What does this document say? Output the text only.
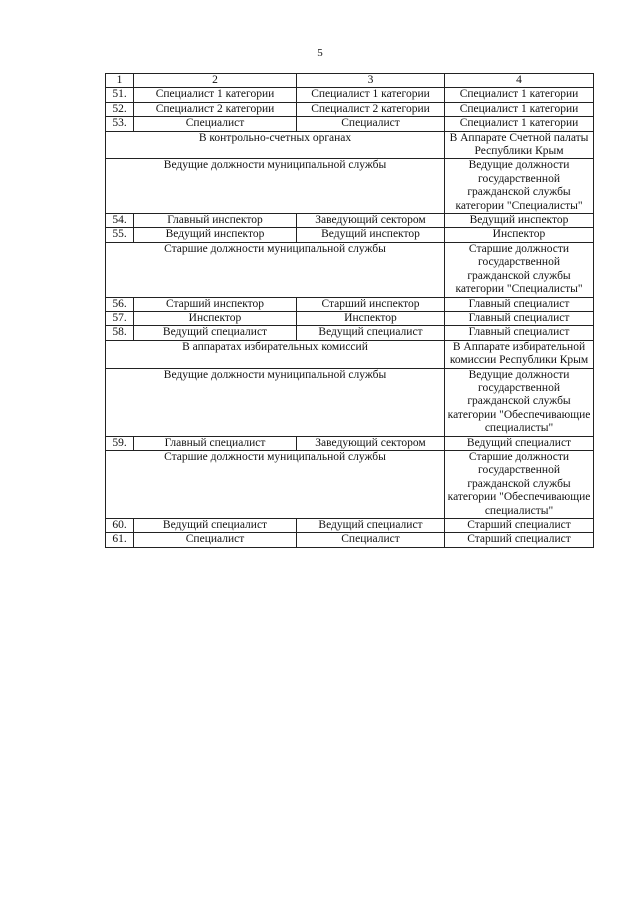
5
1	2	3	4
51.	Специалист 1 категории	Специалист 1 категории	Специалист 1 категории
52.	Специалист 2 категории	Специалист 2 категории	Специалист 1 категории
53.	Специалист	Специалист	Специалист 1 категории
В контрольно-счетных органах			В Аппарате Счетной палаты Республики Крым
Ведущие должности муниципальной службы			Ведущие должности государственной гражданской службы категории "Специалисты"
54.	Главный инспектор	Заведующий сектором	Ведущий инспектор
55.	Ведущий инспектор	Ведущий инспектор	Инспектор
Старшие должности муниципальной службы			Старшие должности государственной гражданской службы категории "Специалисты"
56.	Старший инспектор	Старший инспектор	Главный специалист
57.	Инспектор	Инспектор	Главный специалист
58.	Ведущий специалист	Ведущий специалист	Главный специалист
В аппаратах избирательных комиссий			В Аппарате избирательной комиссии Республики Крым
Ведущие должности муниципальной службы			Ведущие должности государственной гражданской службы категории "Обеспечивающие специалисты"
59.	Главный специалист	Заведующий сектором	Ведущий специалист
Старшие должности муниципальной службы			Старшие должности государственной гражданской службы категории "Обеспечивающие специалисты"
60.	Ведущий специалист	Ведущий специалист	Старший специалист
61.	Специалист	Специалист	Старший специалист
